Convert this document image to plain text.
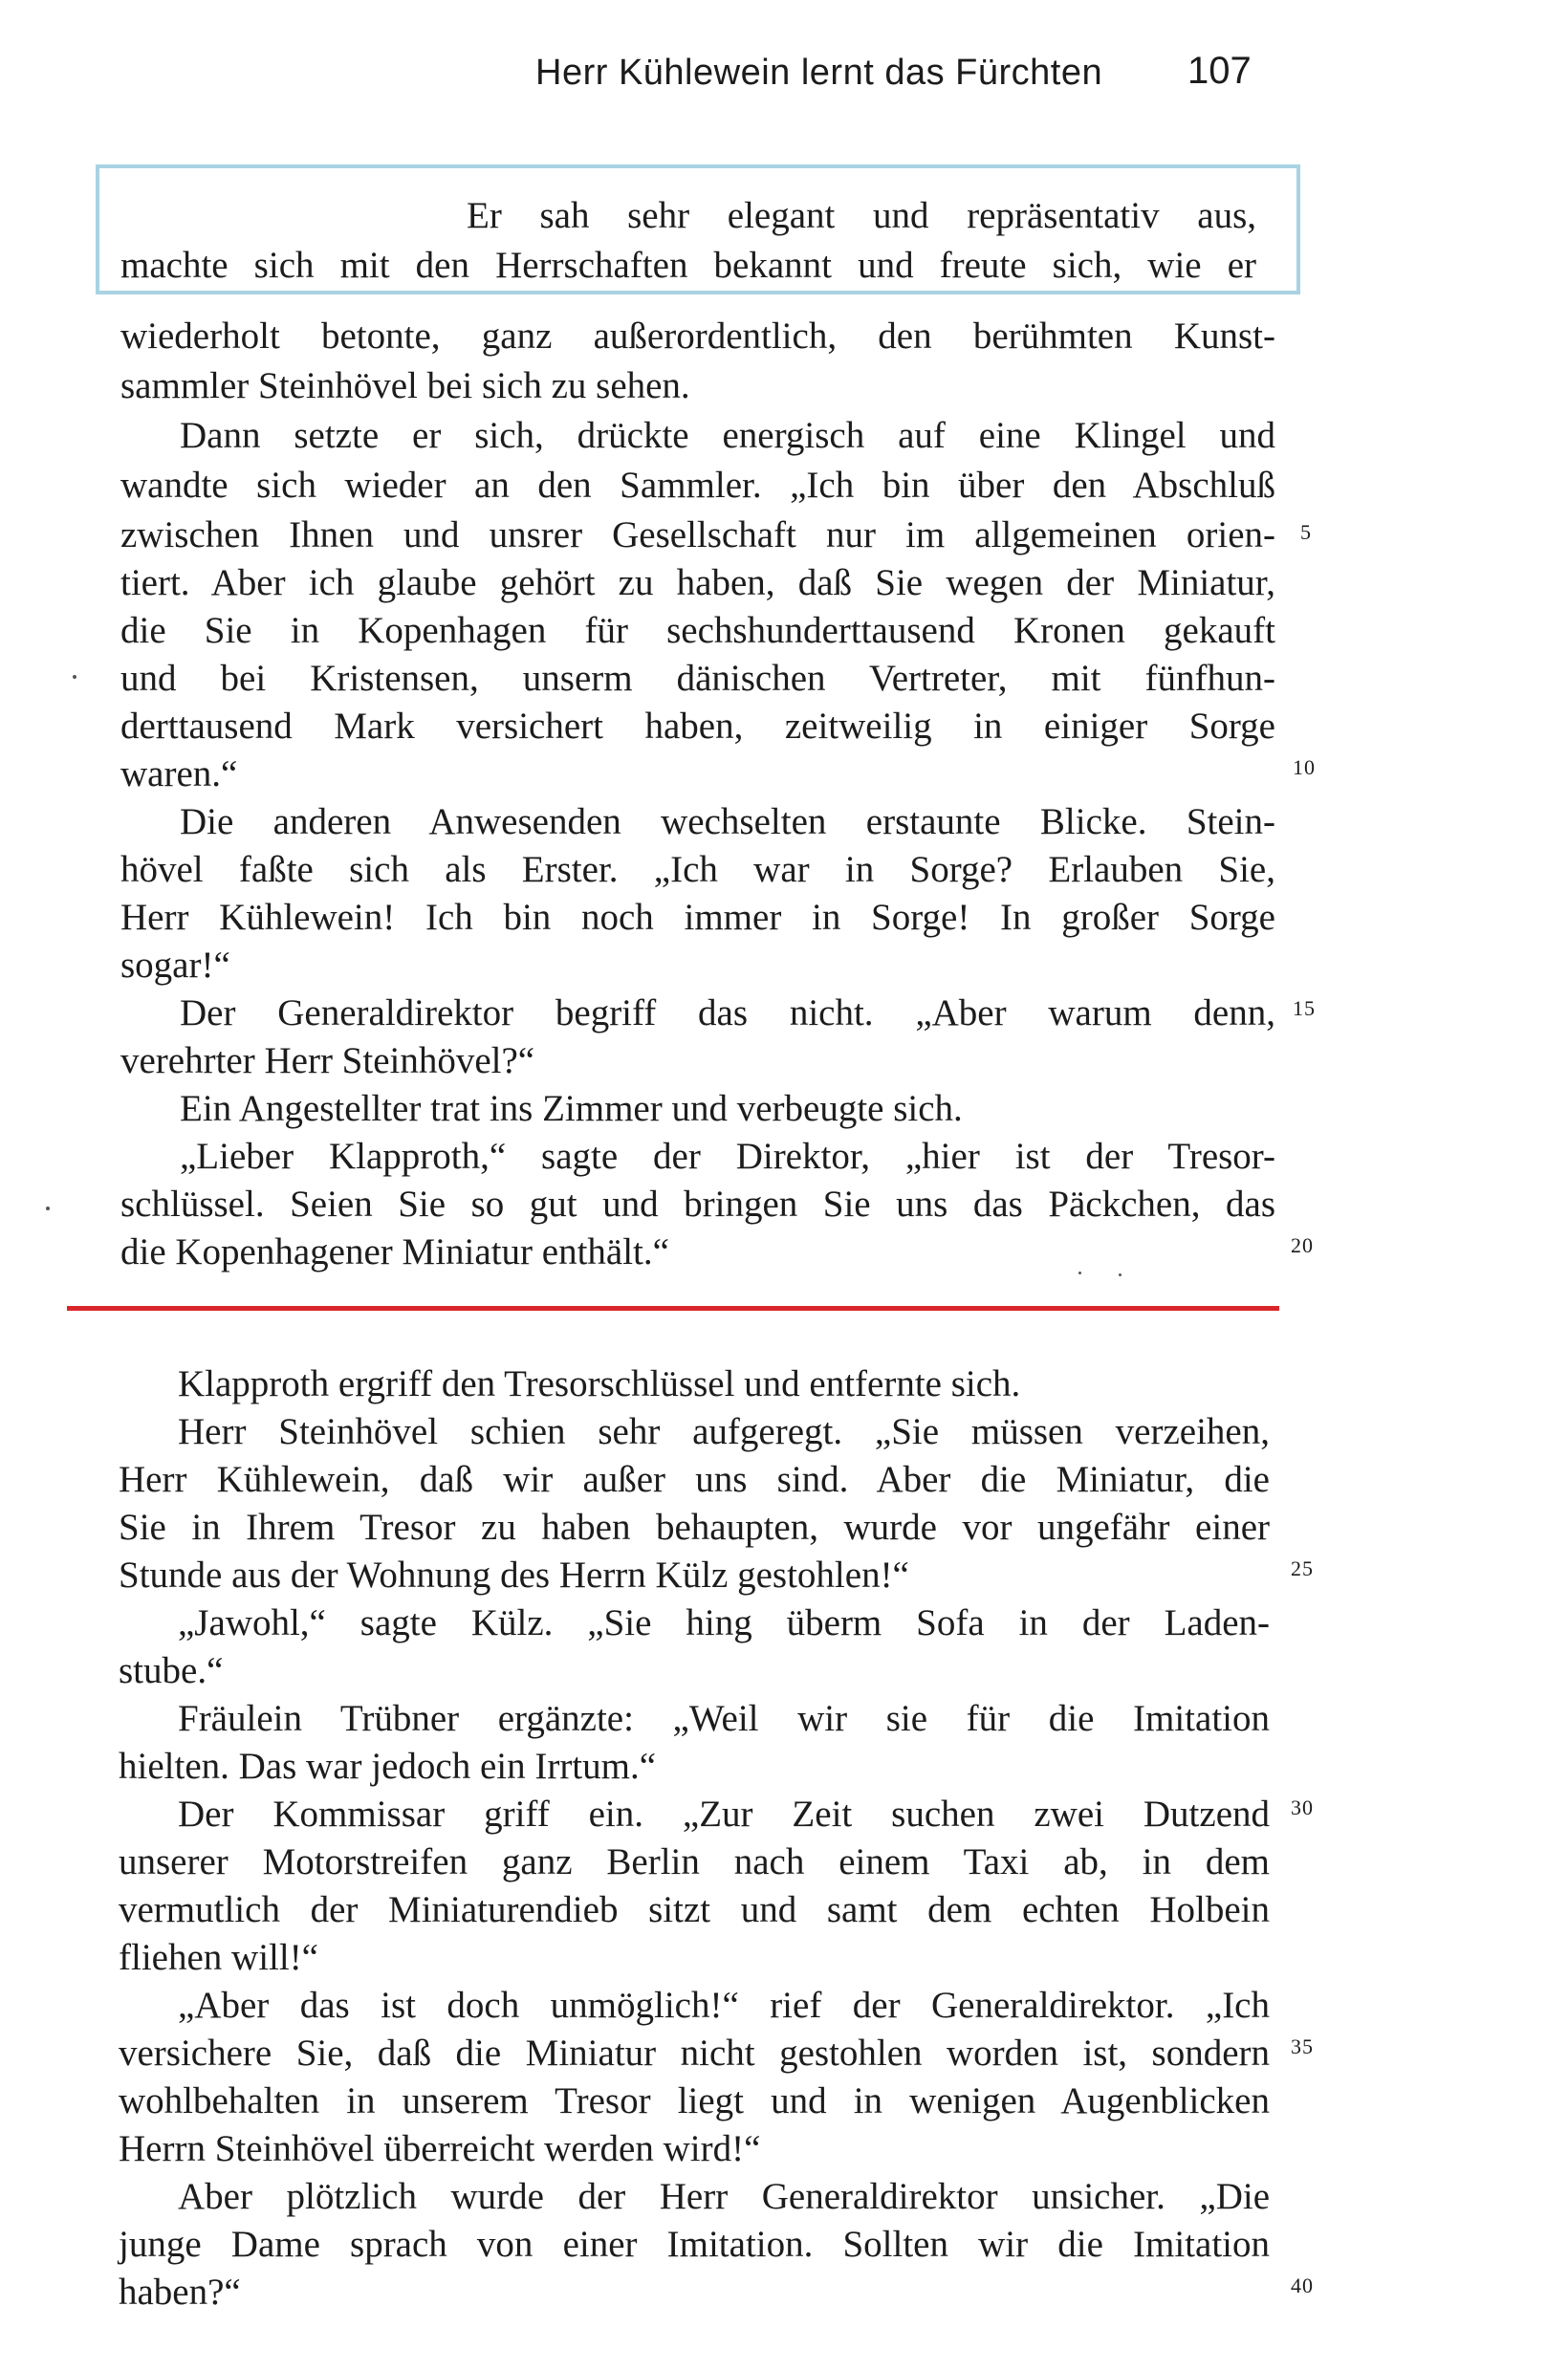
Herr Kühlewein lernt das Fürchten 107
Er sah sehr elegant und repräsentativ aus,
machte sich mit den Herrschaften bekannt und freute sich, wie er
wiederholt betonte, ganz außerordentlich, den berühmten Kunst-
sammler Steinhövel bei sich zu sehen.
Dann setzte er sich, drückte energisch auf eine Klingel und
wandte sich wieder an den Sammler. „Ich bin über den Abschluß
zwischen Ihnen und unsrer Gesellschaft nur im allgemeinen orien-
tiert. Aber ich glaube gehört zu haben, daß Sie wegen der Miniatur,
die Sie in Kopenhagen für sechshunderttausend Kronen gekauft
und bei Kristensen, unserm dänischen Vertreter, mit fünfhun-
derttausend Mark versichert haben, zeitweilig in einiger Sorge
waren.“
Die anderen Anwesenden wechselten erstaunte Blicke. Stein-
hövel faßte sich als Erster. „Ich war in Sorge? Erlauben Sie,
Herr Kühlewein! Ich bin noch immer in Sorge! In großer Sorge
sogar!“
Der Generaldirektor begriff das nicht. „Aber warum denn,
verehrter Herr Steinhövel?“
Ein Angestellter trat ins Zimmer und verbeugte sich.
„Lieber Klapproth,“ sagte der Direktor, „hier ist der Tresor-
schlüssel. Seien Sie so gut und bringen Sie uns das Päckchen, das
die Kopenhagener Miniatur enthält.“
Klapproth ergriff den Tresorschlüssel und entfernte sich.
Herr Steinhövel schien sehr aufgeregt. „Sie müssen verzeihen,
Herr Kühlewein, daß wir außer uns sind. Aber die Miniatur, die
Sie in Ihrem Tresor zu haben behaupten, wurde vor ungefähr einer
Stunde aus der Wohnung des Herrn Külz gestohlen!“
„Jawohl,“ sagte Külz. „Sie hing überm Sofa in der Laden-
stube.“
Fräulein Trübner ergänzte: „Weil wir sie für die Imitation
hielten. Das war jedoch ein Irrtum.“
Der Kommissar griff ein. „Zur Zeit suchen zwei Dutzend
unserer Motorstreifen ganz Berlin nach einem Taxi ab, in dem
vermutlich der Miniaturendieb sitzt und samt dem echten Holbein
fliehen will!“
„Aber das ist doch unmöglich!“ rief der Generaldirektor. „Ich
versichere Sie, daß die Miniatur nicht gestohlen worden ist, sondern
wohlbehalten in unserem Tresor liegt und in wenigen Augenblicken
Herrn Steinhövel überreicht werden wird!“
Aber plötzlich wurde der Herr Generaldirektor unsicher. „Die
junge Dame sprach von einer Imitation. Sollten wir die Imitation
haben?“
5
10
15
20
25
30
35
40
